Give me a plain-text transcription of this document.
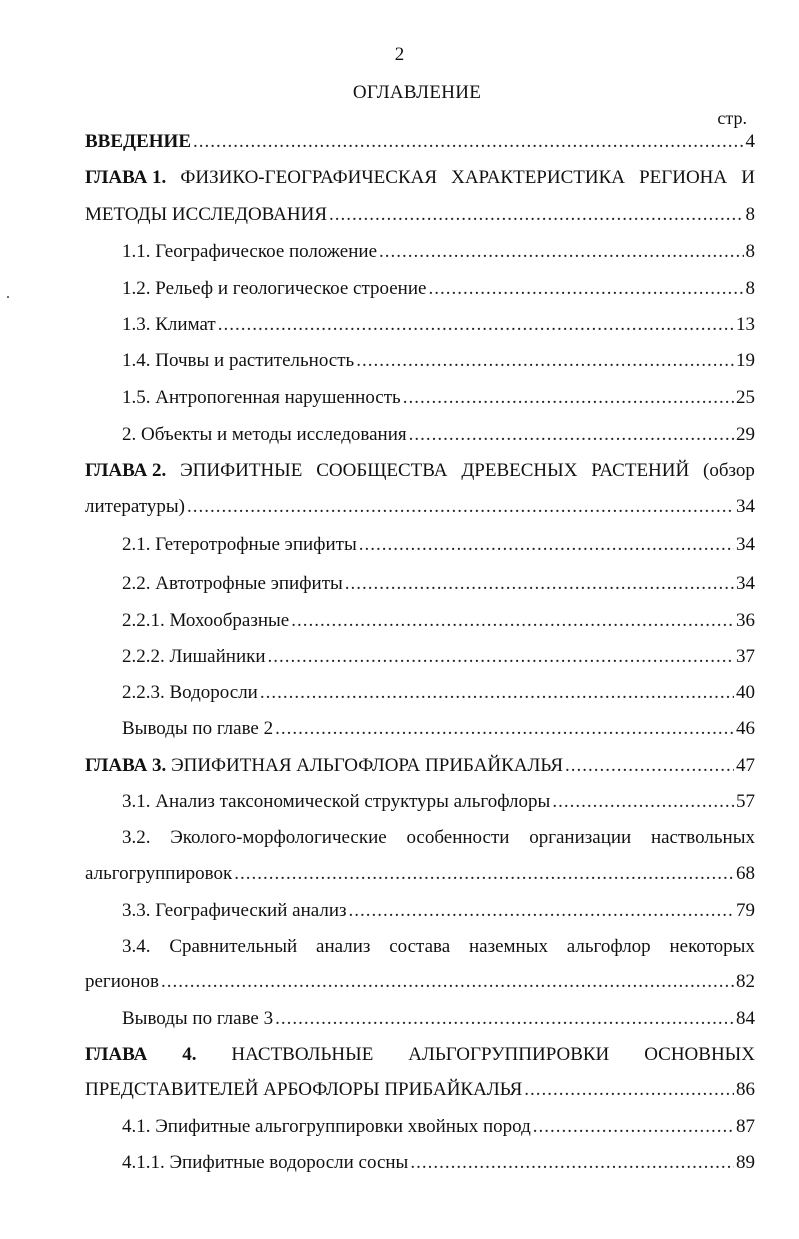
2
ОГЛАВЛЕНИЕ
стр.
ВВЕДЕНИЕ .....	4
ГЛАВА 1. ФИЗИКО-ГЕОГРАФИЧЕСКАЯ ХАРАКТЕРИСТИКА РЕГИОНА И
МЕТОДЫ ИССЛЕДОВАНИЯ .....	8
1.1. Географическое положение .....	8
1.2. Рельеф и геологическое строение .....	8
1.3. Климат .....	13
1.4. Почвы и растительность .....	19
1.5. Антропогенная нарушенность .....	25
2. Объекты и методы исследования .....	29
ГЛАВА 2. ЭПИФИТНЫЕ СООБЩЕСТВА ДРЕВЕСНЫХ РАСТЕНИЙ (обзор
литературы) .....	34
2.1. Гетеротрофные эпифиты .....	34
2.2. Автотрофные эпифиты .....	34
2.2.1. Мохообразные .....	36
2.2.2. Лишайники .....	37
2.2.3. Водоросли .....	40
Выводы по главе 2 .....	46
ГЛАВА 3. ЭПИФИТНАЯ АЛЬГОФЛОРА ПРИБАЙКАЛЬЯ .....	47
3.1. Анализ таксономической структуры альгофлоры .....	57
3.2. Эколого-морфологические особенности организации наствольных
альгогруппировок .....	68
3.3. Географический анализ .....	79
3.4. Сравнительный анализ состава наземных альгофлор некоторых
регионов .....	82
Выводы по главе 3 .....	84
ГЛАВА 4. НАСТВОЛЬНЫЕ АЛЬГОГРУППИРОВКИ ОСНОВНЫХ
ПРЕДСТАВИТЕЛЕЙ АРБОФЛОРЫ ПРИБАЙКАЛЬЯ .....	86
4.1. Эпифитные альгогруппировки хвойных пород .....	87
4.1.1. Эпифитные водоросли сосны .....	89
